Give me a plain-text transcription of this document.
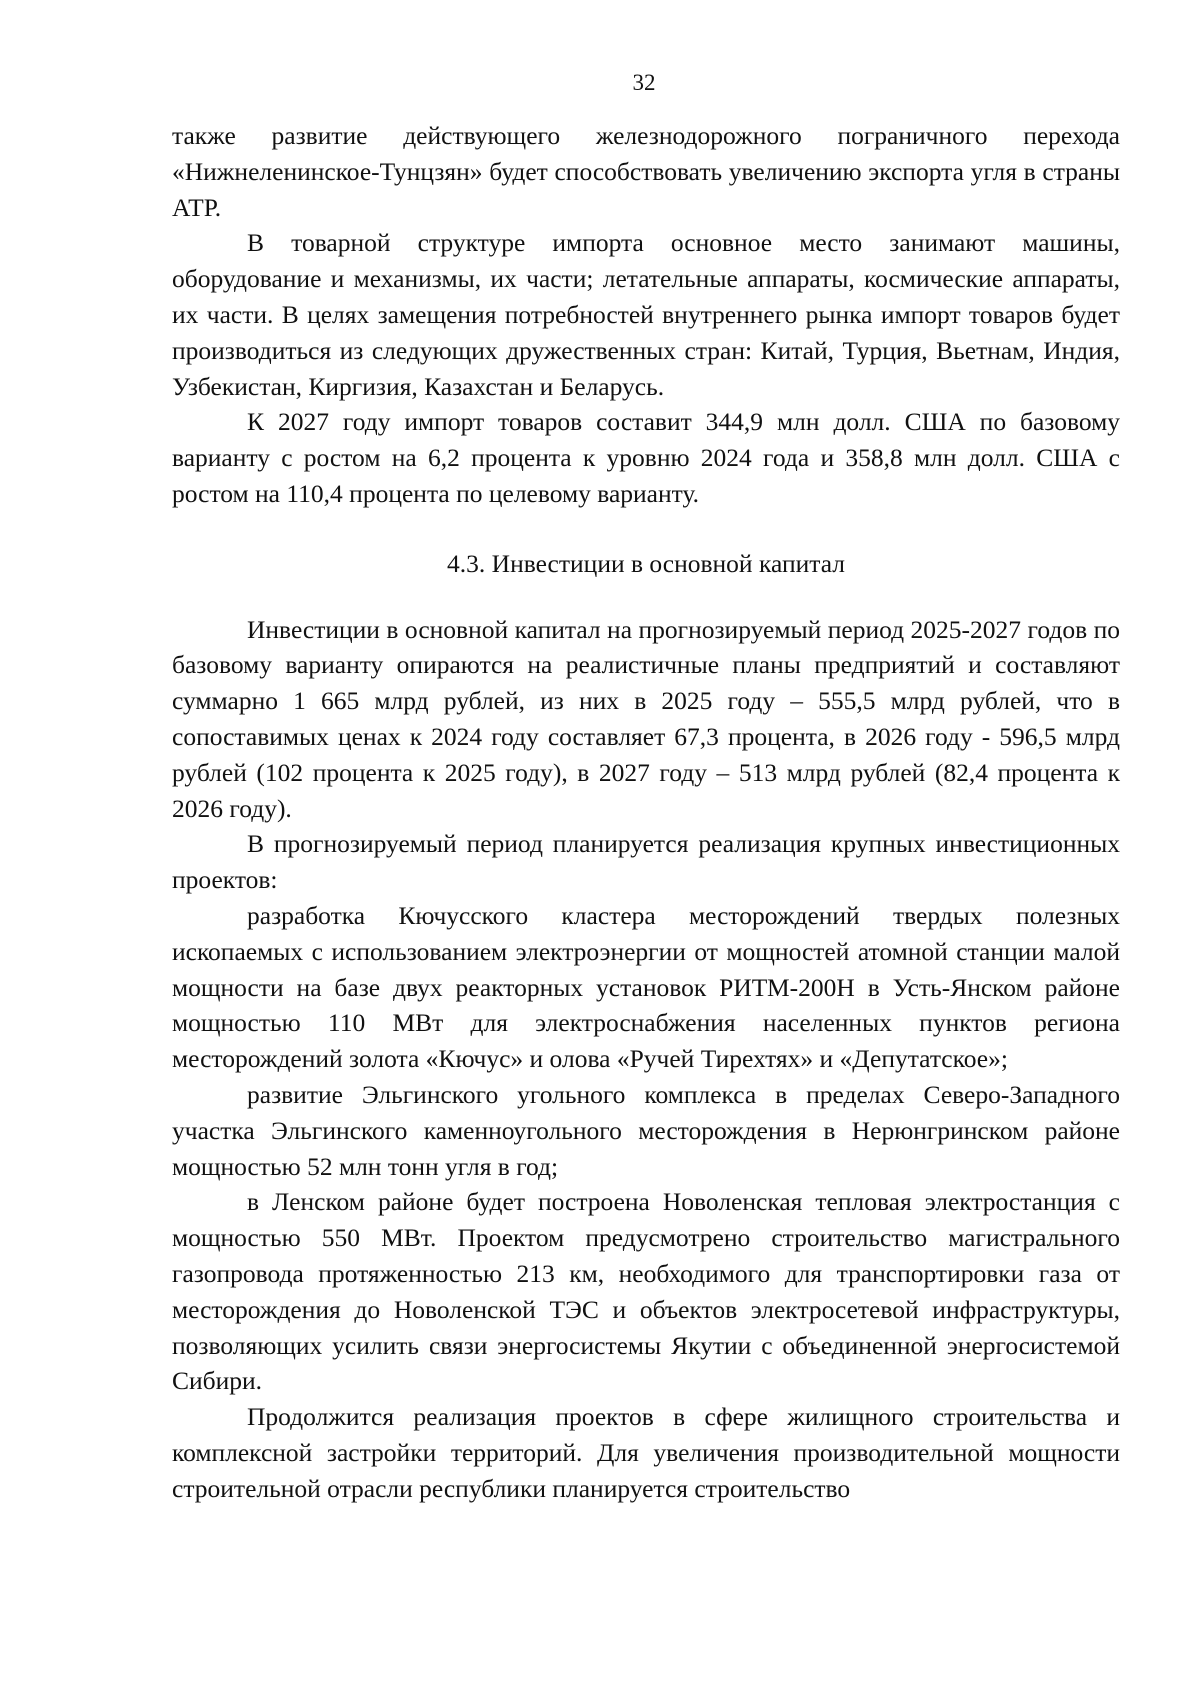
32

также развитие действующего железнодорожного пограничного перехода «Нижнеленинское-Тунцзян» будет способствовать увеличению экспорта угля в страны АТР.

В товарной структуре импорта основное место занимают машины, оборудование и механизмы, их части; летательные аппараты, космические аппараты, их части. В целях замещения потребностей внутреннего рынка импорт товаров будет производиться из следующих дружественных стран: Китай, Турция, Вьетнам, Индия, Узбекистан, Киргизия, Казахстан и Беларусь.

К 2027 году импорт товаров составит 344,9 млн долл. США по базовому варианту с ростом на 6,2 процента к уровню 2024 года и 358,8 млн долл. США с ростом на 110,4 процента по целевому варианту.

4.3. Инвестиции в основной капитал

Инвестиции в основной капитал на прогнозируемый период 2025-2027 годов по базовому варианту опираются на реалистичные планы предприятий и составляют суммарно 1 665 млрд рублей, из них в 2025 году – 555,5 млрд рублей, что в сопоставимых ценах к 2024 году составляет 67,3 процента, в 2026 году - 596,5 млрд рублей (102 процента к 2025 году), в 2027 году – 513 млрд рублей (82,4 процента к 2026 году).

В прогнозируемый период планируется реализация крупных инвестиционных проектов:

разработка Кючусского кластера месторождений твердых полезных ископаемых с использованием электроэнергии от мощностей атомной станции малой мощности на базе двух реакторных установок РИТМ-200Н в Усть-Янском районе мощностью 110 МВт для электроснабжения населенных пунктов региона месторождений золота «Кючус» и олова «Ручей Тирехтях» и «Депутатское»;

развитие Эльгинского угольного комплекса в пределах Северо-Западного участка Эльгинского каменноугольного месторождения в Нерюнгринском районе мощностью 52 млн тонн угля в год;

в Ленском районе будет построена Новоленская тепловая электростанция с мощностью 550 МВт. Проектом предусмотрено строительство магистрального газопровода протяженностью 213 км, необходимого для транспортировки газа от месторождения до Новоленской ТЭС и объектов электросетевой инфраструктуры, позволяющих усилить связи энергосистемы Якутии с объединенной энергосистемой Сибири.

Продолжится реализация проектов в сфере жилищного строительства и комплексной застройки территорий. Для увеличения производительной мощности строительной отрасли республики планируется строительство
